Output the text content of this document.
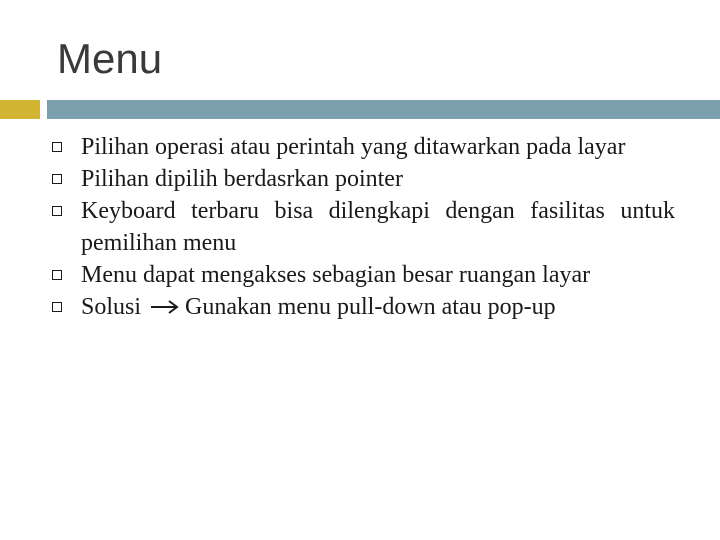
Menu
Pilihan operasi atau perintah yang ditawarkan pada layar
Pilihan dipilih berdasrkan pointer
Keyboard terbaru bisa dilengkapi dengan fasilitas untuk pemilihan menu
Menu dapat mengakses sebagian besar ruangan layar
Solusi Gunakan menu pull-down atau pop-up
